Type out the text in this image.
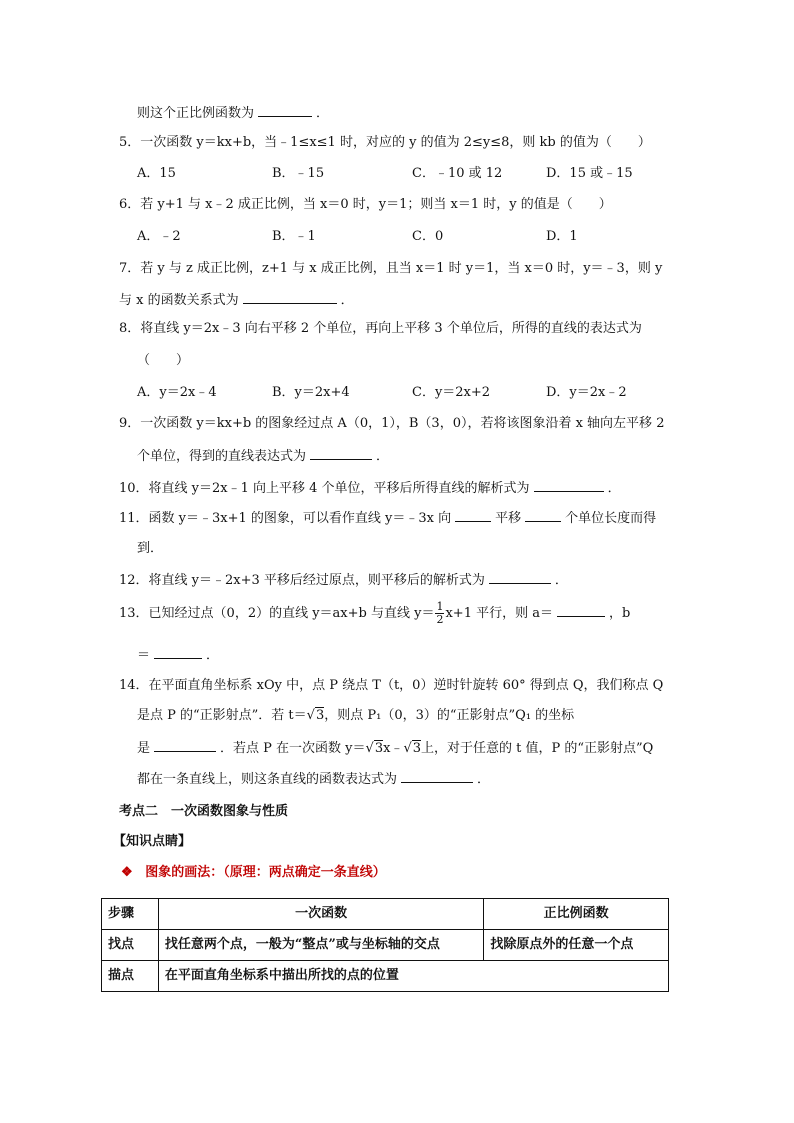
则这个正比例函数为	．
5．一次函数 y＝kx+b，当﹣1≤x≤1 时，对应的 y 的值为 2≤y≤8，则 kb 的值为（　　）
A．15	B．﹣15	C．﹣10 或 12	D．15 或﹣15
6．若 y+1 与 x﹣2 成正比例，当 x＝0 时，y＝1；则当 x＝1 时，y 的值是（　　）
A．﹣2	B．﹣1	C．0	D．1
7．若 y 与 z 成正比例，z+1 与 x 成正比例，且当 x＝1 时 y＝1，当 x＝0 时，y＝﹣3，则 y
与 x 的函数关系式为	．
8．将直线 y＝2x﹣3 向右平移 2 个单位，再向上平移 3 个单位后，所得的直线的表达式为
（　　）
A．y＝2x﹣4	B．y＝2x+4	C．y＝2x+2	D．y＝2x﹣2
9．一次函数 y＝kx+b 的图象经过点 A（0，1），B（3，0），若将该图象沿着 x 轴向左平移 2
个单位，得到的直线表达式为	．
10．将直线 y＝2x﹣1 向上平移 4 个单位，平移后所得直线的解析式为	．
11．函数 y＝﹣3x+1 的图象，可以看作直线 y＝﹣3x 向	平移	个单位长度而得
到．
12．将直线 y＝﹣2x+3 平移后经过原点，则平移后的解析式为	．
13．已知经过点（0，2）的直线 y＝ax+b 与直线 $y= \frac{1}{2} x+1$ 平行，则 a＝	，b
＝	．
14．在平面直角坐标系 xOy 中，点 P 绕点 T（t，0）逆时针旋转 60° 得到点 Q，我们称点 Q
是点 P 的“正影射点”．若 t＝√3，则点 P₁（0，3）的“正影射点”Q₁ 的坐标
是	．若点 P 在一次函数 y＝√3x﹣√3上，对于任意的 t 值，P 的“正影射点”Q
都在一条直线上，则这条直线的函数表达式为	．
考点二　一次函数图象与性质
【知识点睛】
❖ 图象的画法：（原理：两点确定一条直线）
步骤	一次函数	正比例函数
找点	找任意两个点，一般为“整点”或与坐标轴的交点	找除原点外的任意一个点
描点	在平面直角坐标系中描出所找的点的位置	
